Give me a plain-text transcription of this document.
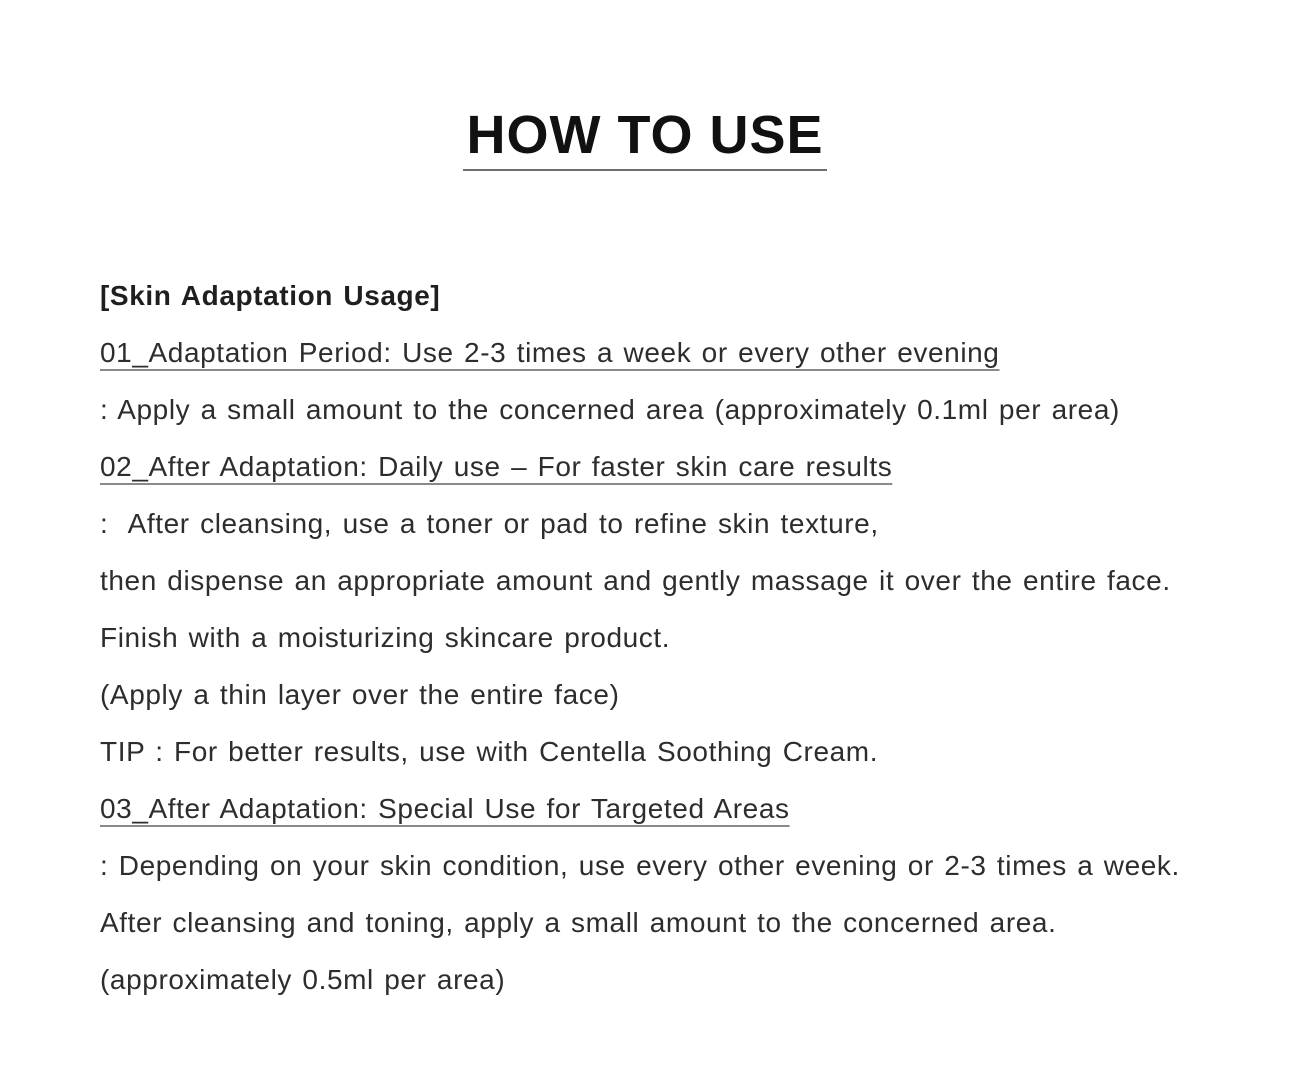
HOW TO USE

[Skin Adaptation Usage]

01_Adaptation Period: Use 2-3 times a week or every other evening

: Apply a small amount to the concerned area (approximately 0.1ml per area)

02_After Adaptation: Daily use – For faster skin care results

:  After cleansing, use a toner or pad to refine skin texture,

then dispense an appropriate amount and gently massage it over the entire face.

Finish with a moisturizing skincare product.

(Apply a thin layer over the entire face)

TIP : For better results, use with Centella Soothing Cream.

03_After Adaptation: Special Use for Targeted Areas

: Depending on your skin condition, use every other evening or 2-3 times a week.

After cleansing and toning, apply a small amount to the concerned area.

(approximately 0.5ml per area)
